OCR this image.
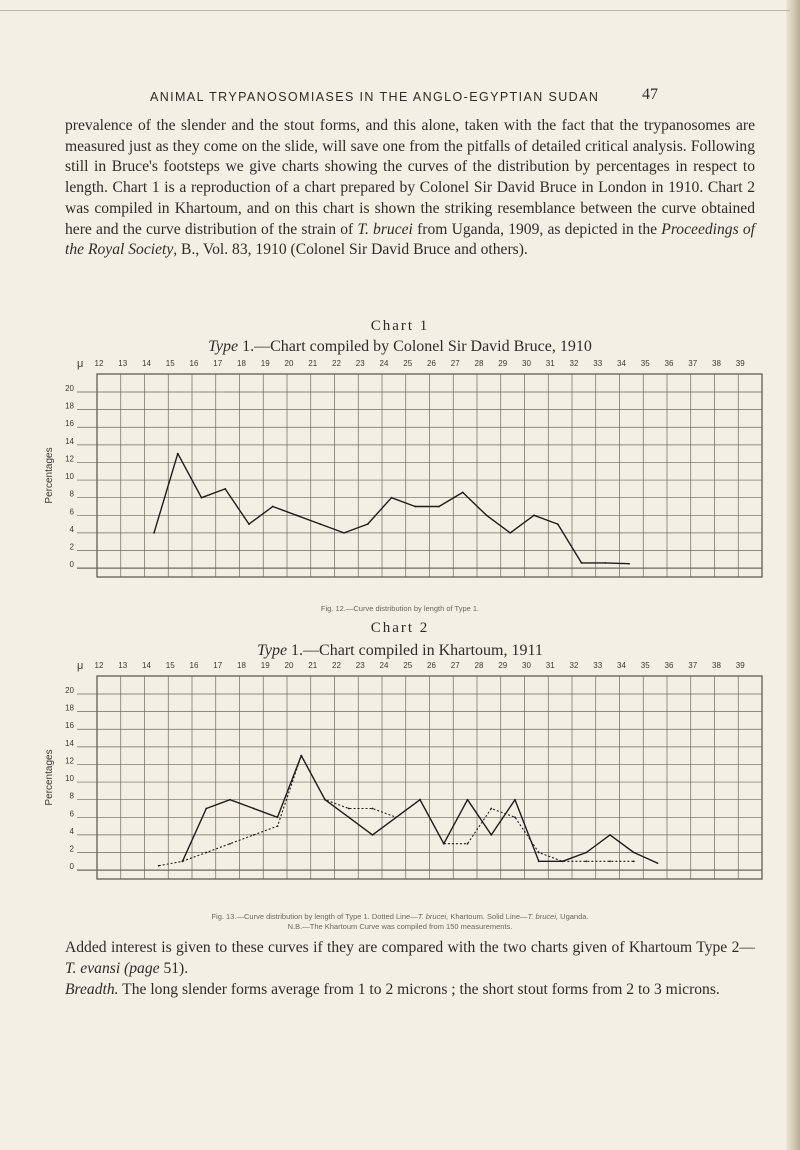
ANIMAL TRYPANOSOMIASES IN THE ANGLO-EGYPTIAN SUDAN	47

prevalence of the slender and the stout forms, and this alone, taken with the fact that the trypanosomes are measured just as they come on the slide, will save one from the pitfalls of detailed critical analysis. Following still in Bruce's footsteps we give charts showing the curves of the distribution by percentages in respect to length. Chart 1 is a reproduction of a chart prepared by Colonel Sir David Bruce in London in 1910. Chart 2 was compiled in Khartoum, and on this chart is shown the striking resemblance between the curve obtained here and the curve distribution of the strain of T. brucei from Uganda, 1909, as depicted in the Proceedings of the Royal Society, B., Vol. 83, 1910 (Colonel Sir David Bruce and others).

Chart 1
Type 1.—Chart compiled by Colonel Sir David Bruce, 1910
12 13 14 15 16 17 18 19 20 21 22 23 24 25 26 27 28 29 30 31 32 33 34 35 36 37 38 39
μ
0
2
4
6
8
10
12
14
16
18
20
Percentages
Fig. 12.—Curve distribution by length of Type 1.
Chart 2
Type 1.—Chart compiled in Khartoum, 1911
12 13 14 15 16 17 18 19 20 21 22 23 24 25 26 27 28 29 30 31 32 33 34 35 36 37 38 39
μ
0
2
4
6
8
10
12
14
16
18
20
Percentages
Fig. 13.—Curve distribution by length of Type 1. Dotted Line—T. brucei, Khartoum. Solid Line—T. brucei, Uganda.
N.B.—The Khartoum Curve was compiled from 150 measurements.

Added interest is given to these curves if they are compared with the two charts given of Khartoum Type 2—T. evansi (page 51).

Breadth. The long slender forms average from 1 to 2 microns ; the short stout forms from 2 to 3 microns.
